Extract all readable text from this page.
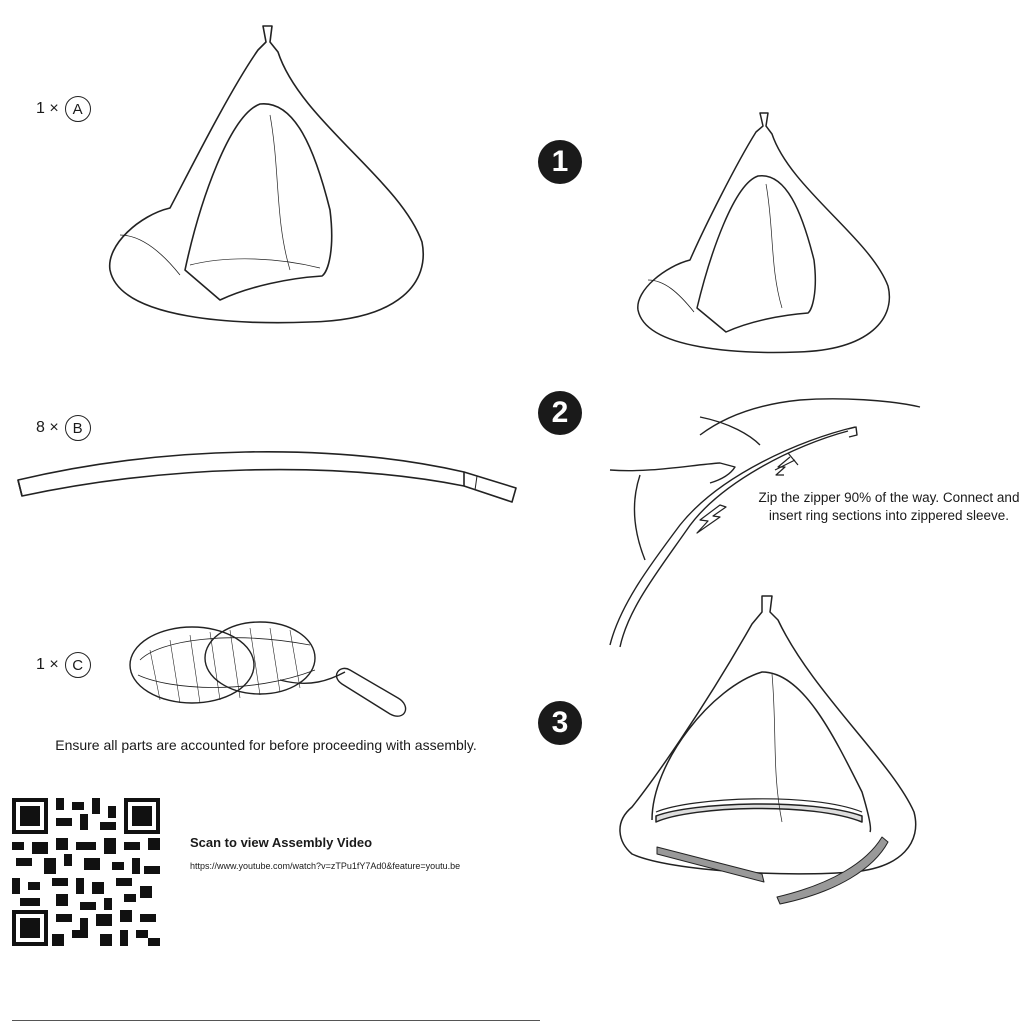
1 × A
8 × B
1 × C
Ensure all parts are accounted for before proceeding with assembly.
Scan to view Assembly Video
https://www.youtube.com/watch?v=zTPu1fY7Ad0&feature=youtu.be
1
2
Zip the zipper 90% of the way. Connect and
insert ring sections into zippered sleeve.
3
